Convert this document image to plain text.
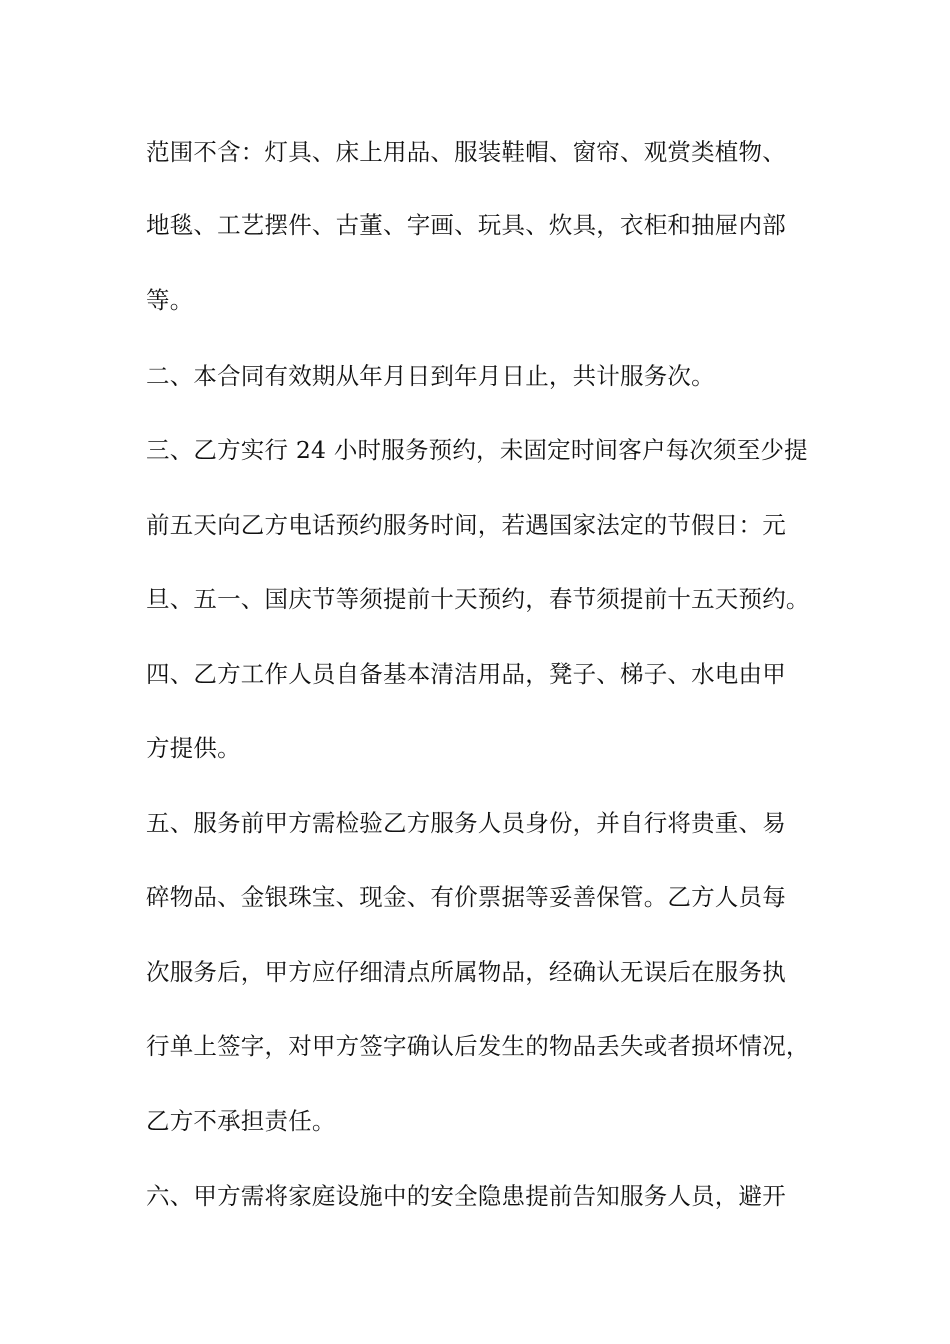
范围不含：灯具、床上用品、服装鞋帽、窗帘、观赏类植物、
地毯、工艺摆件、古董、字画、玩具、炊具，衣柜和抽屉内部
等。
二、本合同有效期从年月日到年月日止，共计服务次。
三、乙方实行 24 小时服务预约，未固定时间客户每次须至少提
前五天向乙方电话预约服务时间，若遇国家法定的节假日：元
旦、五一、国庆节等须提前十天预约，春节须提前十五天预约。
四、乙方工作人员自备基本清洁用品，凳子、梯子、水电由甲
方提供。
五、服务前甲方需检验乙方服务人员身份，并自行将贵重、易
碎物品、金银珠宝、现金、有价票据等妥善保管。乙方人员每
次服务后，甲方应仔细清点所属物品，经确认无误后在服务执
行单上签字，对甲方签字确认后发生的物品丢失或者损坏情况，
乙方不承担责任。
六、甲方需将家庭设施中的安全隐患提前告知服务人员，避开
